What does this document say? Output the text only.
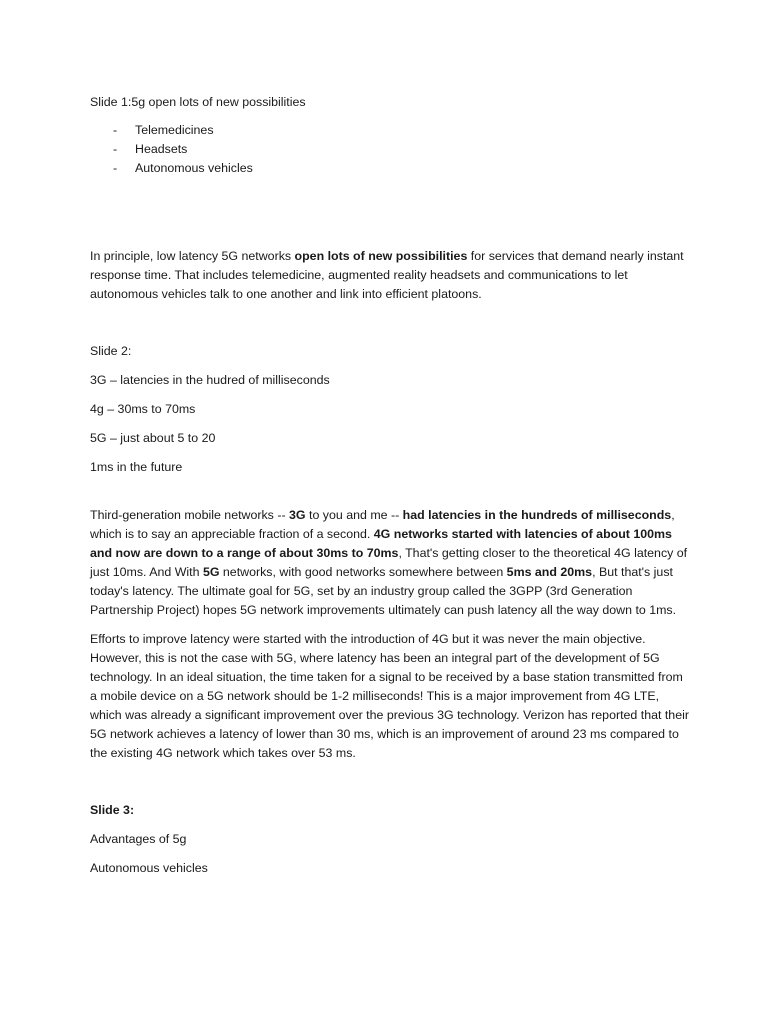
Slide 1:5g open lots of new possibilities

- Telemedicines
- Headsets
- Autonomous vehicles

In principle, low latency 5G networks open lots of new possibilities for services that demand nearly instant response time. That includes telemedicine, augmented reality headsets and communications to let autonomous vehicles talk to one another and link into efficient platoons.

Slide 2:

3G – latencies in the hudred of milliseconds

4g – 30ms to 70ms

5G – just about 5 to 20

1ms in the future

Third-generation mobile networks -- 3G to you and me -- had latencies in the hundreds of milliseconds, which is to say an appreciable fraction of a second. 4G networks started with latencies of about 100ms and now are down to a range of about 30ms to 70ms, That's getting closer to the theoretical 4G latency of just 10ms. And With 5G networks, with good networks somewhere between 5ms and 20ms, But that's just today's latency. The ultimate goal for 5G, set by an industry group called the 3GPP (3rd Generation Partnership Project) hopes 5G network improvements ultimately can push latency all the way down to 1ms.

Efforts to improve latency were started with the introduction of 4G but it was never the main objective. However, this is not the case with 5G, where latency has been an integral part of the development of 5G technology. In an ideal situation, the time taken for a signal to be received by a base station transmitted from a mobile device on a 5G network should be 1-2 milliseconds! This is a major improvement from 4G LTE, which was already a significant improvement over the previous 3G technology. Verizon has reported that their 5G network achieves a latency of lower than 30 ms, which is an improvement of around 23 ms compared to the existing 4G network which takes over 53 ms.

Slide 3:

Advantages of 5g

Autonomous vehicles
